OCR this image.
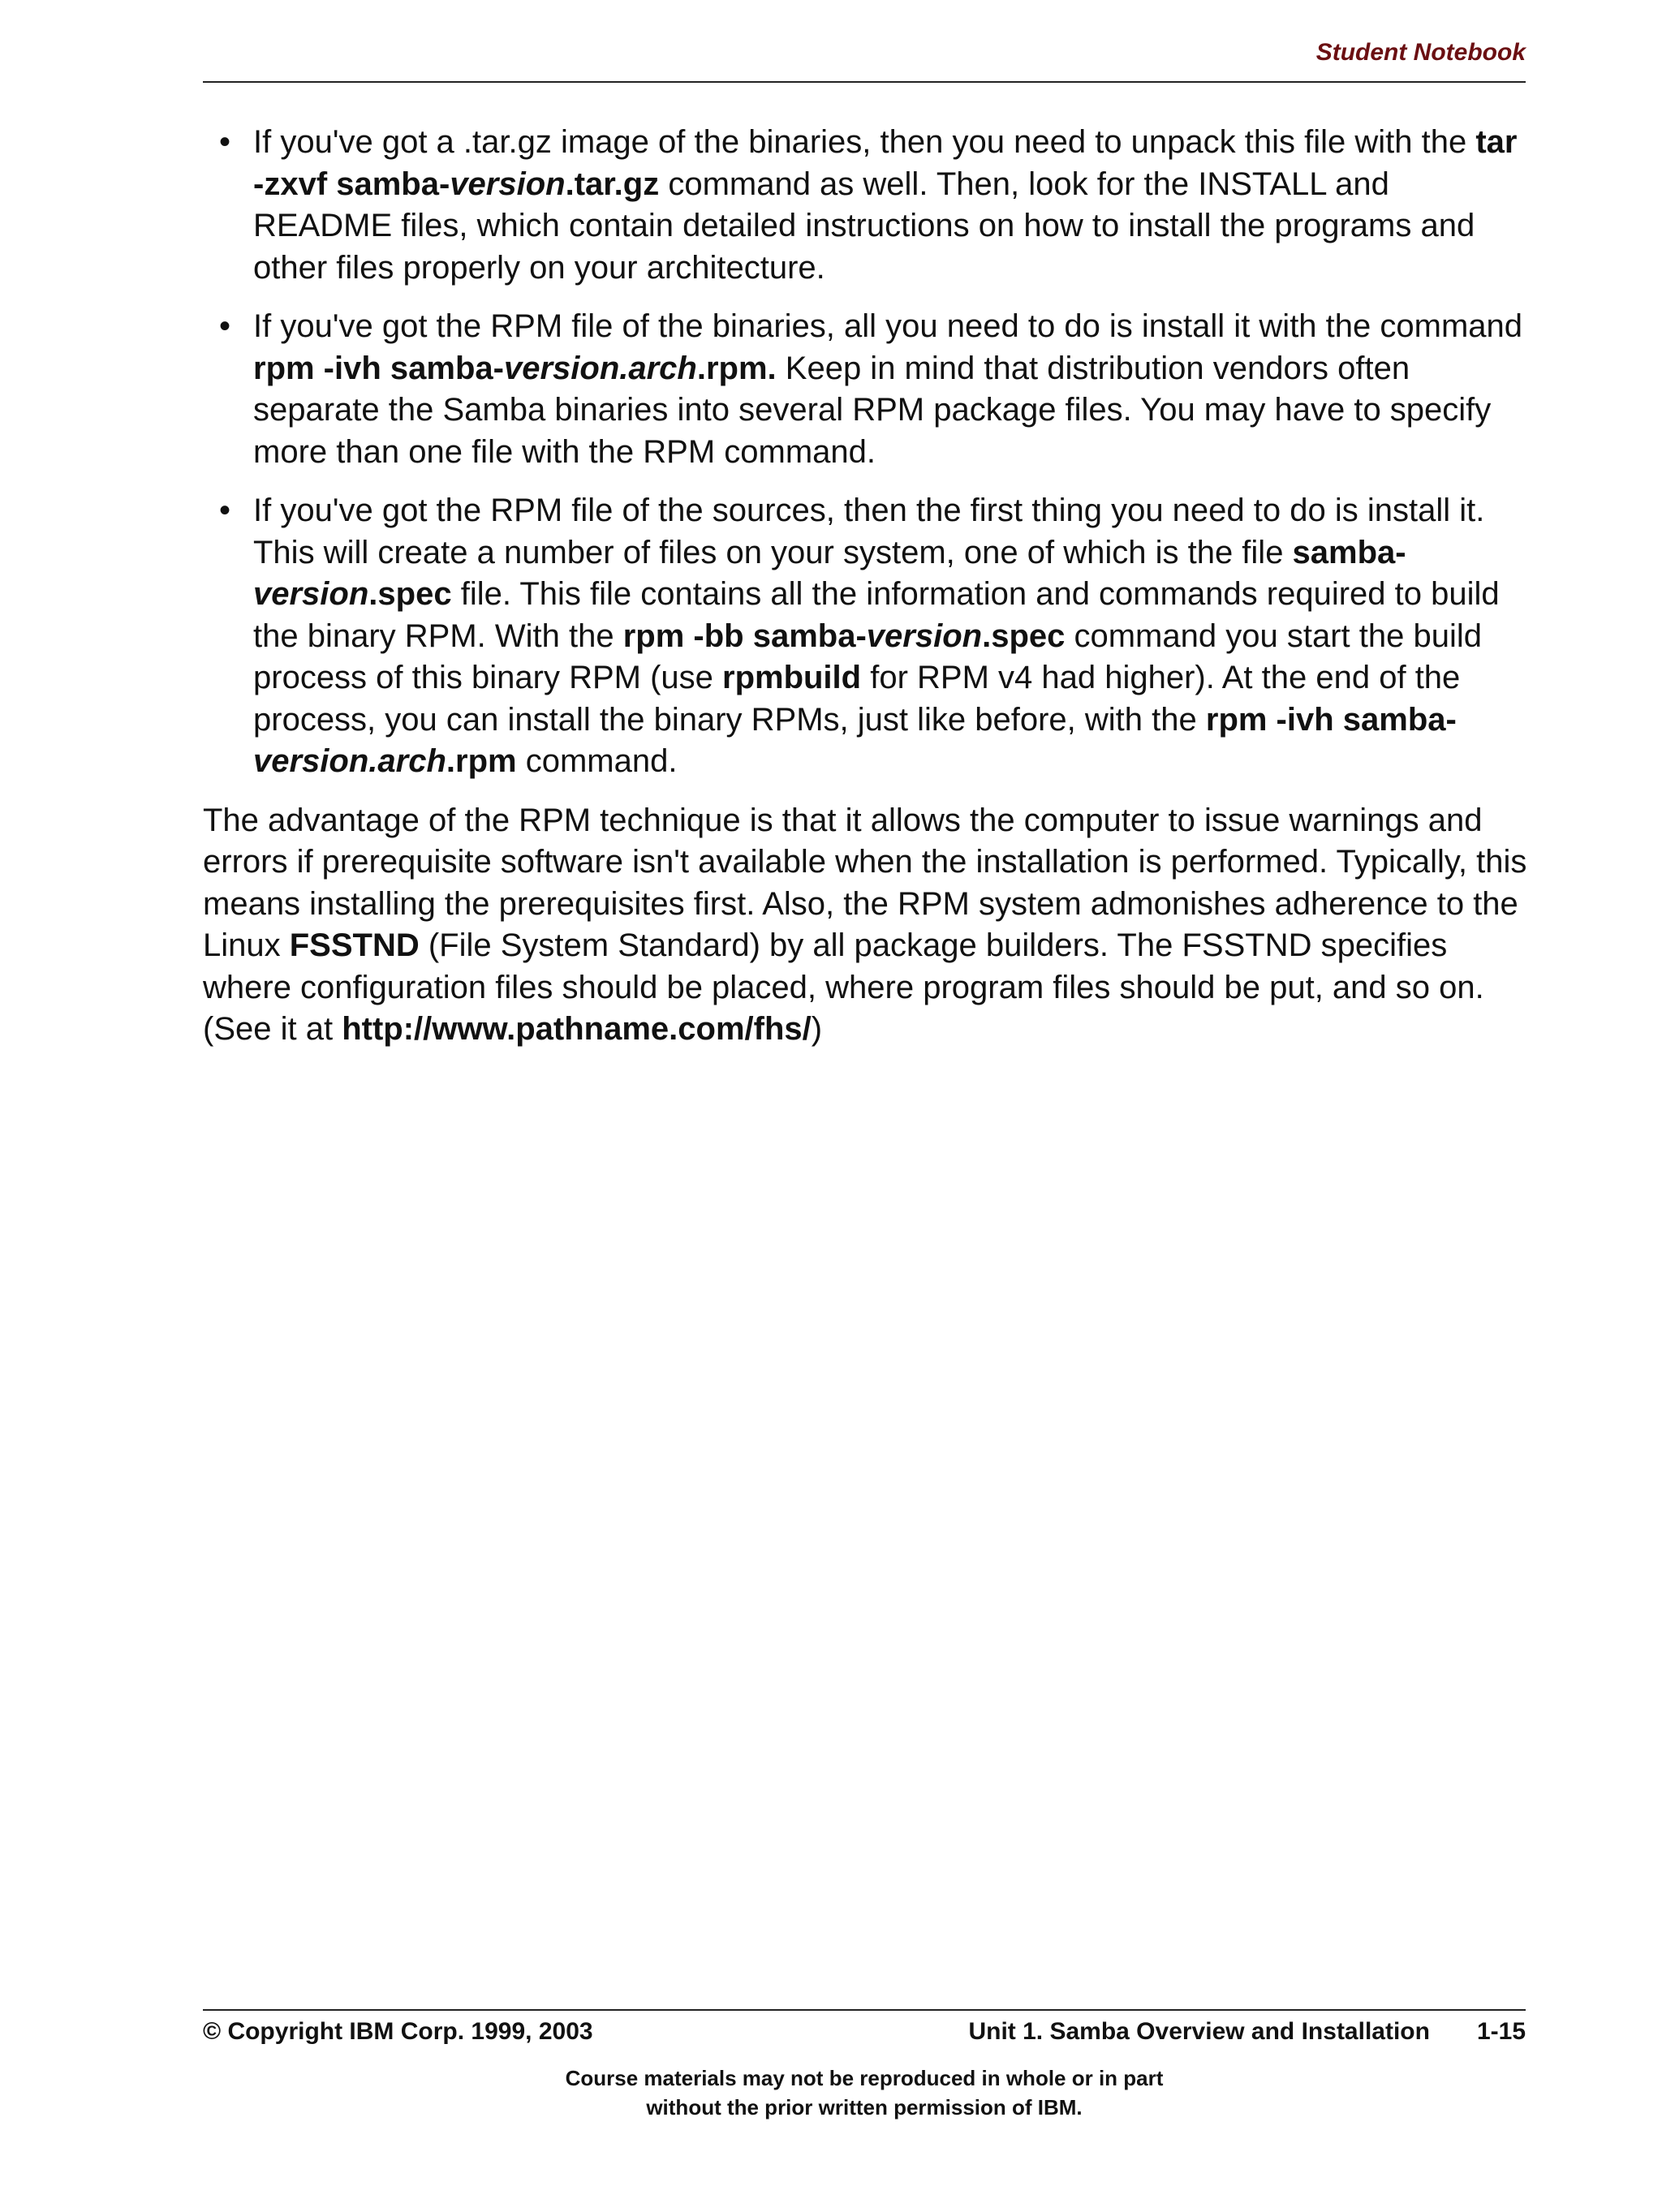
Student Notebook
• If you've got a .tar.gz image of the binaries, then you need to unpack this file with the tar -zxvf samba-version.tar.gz command as well. Then, look for the INSTALL and README files, which contain detailed instructions on how to install the programs and other files properly on your architecture.
• If you've got the RPM file of the binaries, all you need to do is install it with the command rpm -ivh samba-version.arch.rpm. Keep in mind that distribution vendors often separate the Samba binaries into several RPM package files. You may have to specify more than one file with the RPM command.
• If you've got the RPM file of the sources, then the first thing you need to do is install it. This will create a number of files on your system, one of which is the file samba-version.spec file. This file contains all the information and commands required to build the binary RPM. With the rpm -bb samba-version.spec command you start the build process of this binary RPM (use rpmbuild for RPM v4 had higher). At the end of the process, you can install the binary RPMs, just like before, with the rpm -ivh samba-version.arch.rpm command.

The advantage of the RPM technique is that it allows the computer to issue warnings and errors if prerequisite software isn't available when the installation is performed. Typically, this means installing the prerequisites first. Also, the RPM system admonishes adherence to the Linux FSSTND (File System Standard) by all package builders. The FSSTND specifies where configuration files should be placed, where program files should be put, and so on. (See it at http://www.pathname.com/fhs/)

© Copyright IBM Corp. 1999, 2003	Unit 1. Samba Overview and Installation 1-15
Course materials may not be reproduced in whole or in part
without the prior written permission of IBM.
